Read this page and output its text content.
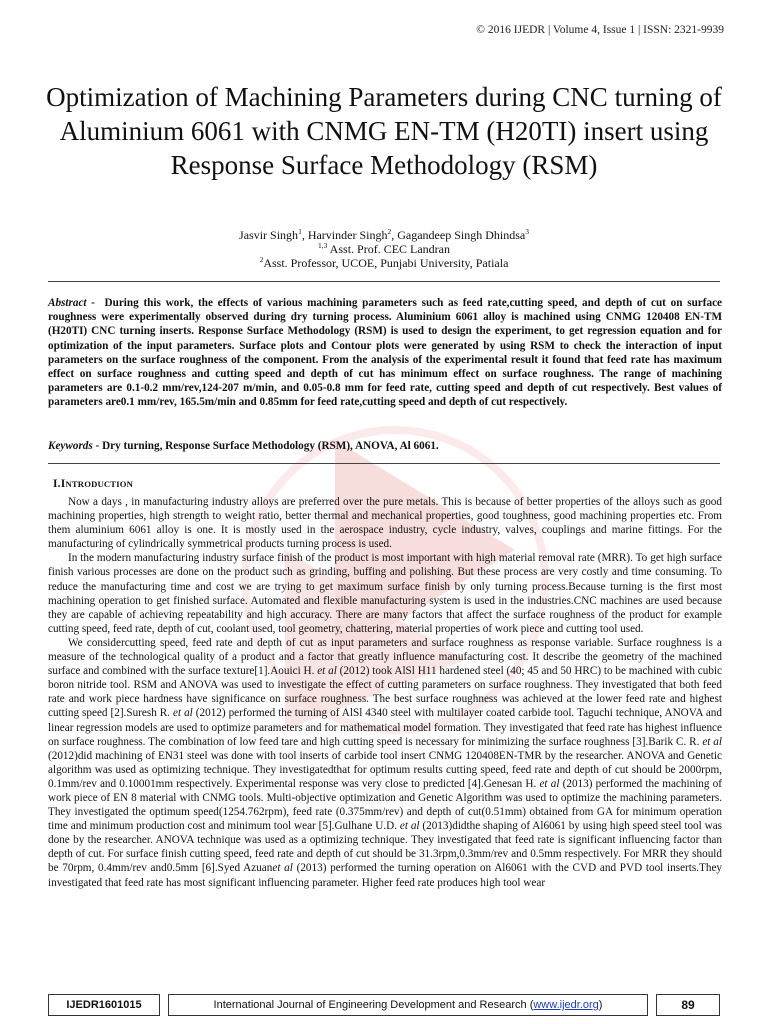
© 2016 IJEDR | Volume 4, Issue 1 | ISSN: 2321-9939
Optimization of Machining Parameters during CNC turning of Aluminium 6061 with CNMG EN-TM (H20TI) insert using Response Surface Methodology (RSM)
Jasvir Singh$^1$, Harvinder Singh$^2$, Gagandeep Singh Dhindsa$^3$
$^{1,3}$ Asst. Prof. CEC Landran
$^2$Asst. Professor, UCOE, Punjabi University, Patiala
Abstract - During this work, the effects of various machining parameters such as feed rate,cutting speed, and depth of cut on surface roughness were experimentally observed during dry turning process. Aluminium 6061 alloy is machined using CNMG 120408 EN-TM (H20TI) CNC turning inserts. Response Surface Methodology (RSM) is used to design the experiment, to get regression equation and for optimization of the input parameters. Surface plots and Contour plots were generated by using RSM to check the interaction of input parameters on the surface roughness of the component. From the analysis of the experimental result it found that feed rate has maximum effect on surface roughness and cutting speed and depth of cut has minimum effect on surface roughness. The range of machining parameters are 0.1-0.2 mm/rev,124-207 m/min, and 0.05-0.8 mm for feed rate, cutting speed and depth of cut respectively. Best values of parameters are0.1 mm/rev, 165.5m/min and 0.85mm for feed rate,cutting speed and depth of cut respectively.
Keywords - Dry turning, Response Surface Methodology (RSM), ANOVA, Al 6061.
I.INTRODUCTION

Now a days , in manufacturing industry alloys are preferred over the pure metals. This is because of better properties of the alloys such as good machining properties, high strength to weight ratio, better thermal and mechanical properties, good toughness, good machining properties etc. From them aluminium 6061 alloy is one. It is mostly used in the aerospace industry, cycle industry, valves, couplings and marine fittings. For the manufacturing of cylindrically symmetrical products turning process is used.

In the modern manufacturing industry surface finish of the product is most important with high material removal rate (MRR). To get high surface finish various processes are done on the product such as grinding, buffing and polishing. But these process are very costly and time consuming. To reduce the manufacturing time and cost we are trying to get maximum surface finish by only turning process.Because turning is the first most machining operation to get finished surface. Automated and flexible manufacturing system is used in the industries.CNC machines are used because they are capable of achieving repeatability and high accuracy. There are many factors that affect the surface roughness of the product for example cutting speed, feed rate, depth of cut, coolant used, tool geometry, chattering, material properties of work piece and cutting tool used.

We considercutting speed, feed rate and depth of cut as input parameters and surface roughness as response variable. Surface roughness is a measure of the technological quality of a product and a factor that greatly influence manufacturing cost. It describe the geometry of the machined surface and combined with the surface texture[1].Aouici H. et al (2012) took AlSl H11 hardened steel (40; 45 and 50 HRC) to be machined with cubic boron nitride tool. RSM and ANOVA was used to investigate the effect of cutting parameters on surface roughness. They investigated that both feed rate and work piece hardness have significance on surface roughness. The best surface roughness was achieved at the lower feed rate and highest cutting speed [2].Suresh R. et al (2012) performed the turning of AlSl 4340 steel with multilayer coated carbide tool. Taguchi technique, ANOVA and linear regression models are used to optimize parameters and for mathematical model formation. They investigated that feed rate has highest influence on surface roughness. The combination of low feed tare and high cutting speed is necessary for minimizing the surface roughness [3].Barik C. R. et al (2012)did machining of EN31 steel was done with tool inserts of carbide tool insert CNMG 120408EN-TMR by the researcher. ANOVA and Genetic algorithm was used as optimizing technique. They investigatedthat for optimum results cutting speed, feed rate and depth of cut should be 2000rpm, 0.1mm/rev and 0.10001mm respectively. Experimental response was very close to predicted [4].Genesan H. et al (2013) performed the machining of work piece of EN 8 material with CNMG tools. Multi-objective optimization and Genetic Algorithm was used to optimize the machining parameters. They investigated the optimum speed(1254.762rpm), feed rate (0.375mm/rev) and depth of cut(0.51mm) obtained from GA for minimum operation time and minimum production cost and minimum tool wear [5].Gulhane U.D. et al (2013)didthe shaping of Al6061 by using high speed steel tool was done by the researcher. ANOVA technique was used as a optimizing technique. They investigated that feed rate is significant influencing factor than depth of cut. For surface finish cutting speed, feed rate and depth of cut should be 31.3rpm,0.3mm/rev and 0.5mm respectively. For MRR they should be 70rpm, 0.4mm/rev and0.5mm [6].Syed Azuanet al (2013) performed the turning operation on Al6061 with the CVD and PVD tool inserts.They investigated that feed rate has most significant influencing parameter. Higher feed rate produces high tool wear

IJEDR 1601015	International Journal of Engineering Development and Research ( www.ijedr.org )	89
